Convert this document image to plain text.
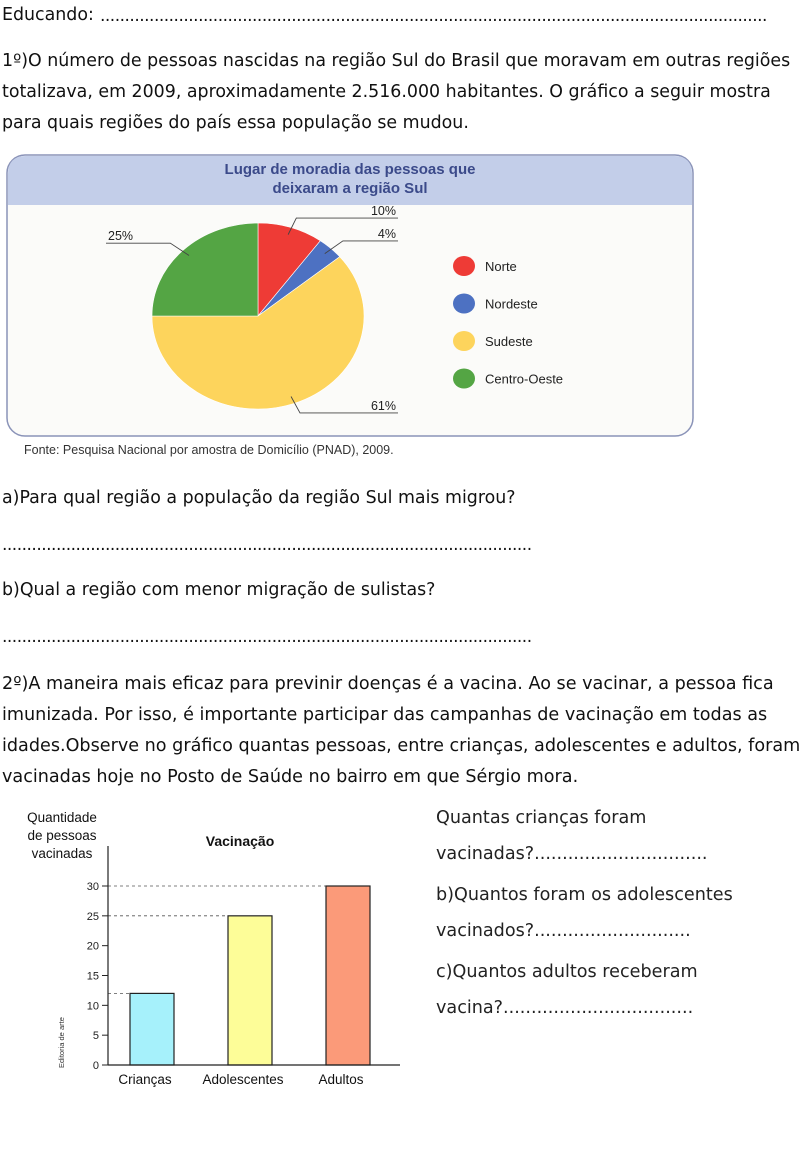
Educando: ........................................................................................................................................
1º)O número de pessoas nascidas na região Sul do Brasil que moravam em outras regiões
totalizava, em 2009, aproximadamente 2.516.000 habitantes. O gráfico a seguir mostra
para quais regiões do país essa população se mudou.
Lugar de moradia das pessoas que
deixaram a região Sul
10%
4%
61%
25%
Norte
Nordeste
Sudeste
Centro-Oeste
Fonte: Pesquisa Nacional por amostra de Domicílio (PNAD), 2009.
a)Para qual região a população da região Sul mais migrou?
............................................................................................................
b)Qual a região com menor migração de sulistas?
............................................................................................................
2º)A maneira mais eficaz para previnir doenças é a vacina. Ao se vacinar, a pessoa fica
imunizada. Por isso, é importante participar das campanhas de vacinação em todas as
idades.Observe no gráfico quantas pessoas, entre crianças, adolescentes e adultos, foram
vacinadas hoje no Posto de Saúde no bairro em que Sérgio mora.
Quantidade
de pessoas
vacinadas
Vacinação
Editoria de arte 0
5
10
15
20
25
30
Crianças Adolescentes	Adultos
Quantas crianças foram
vacinadas?...............................
b)Quantos foram os adolescentes
vacinados?............................
c)Quantos adultos receberam
vacina?..................................
